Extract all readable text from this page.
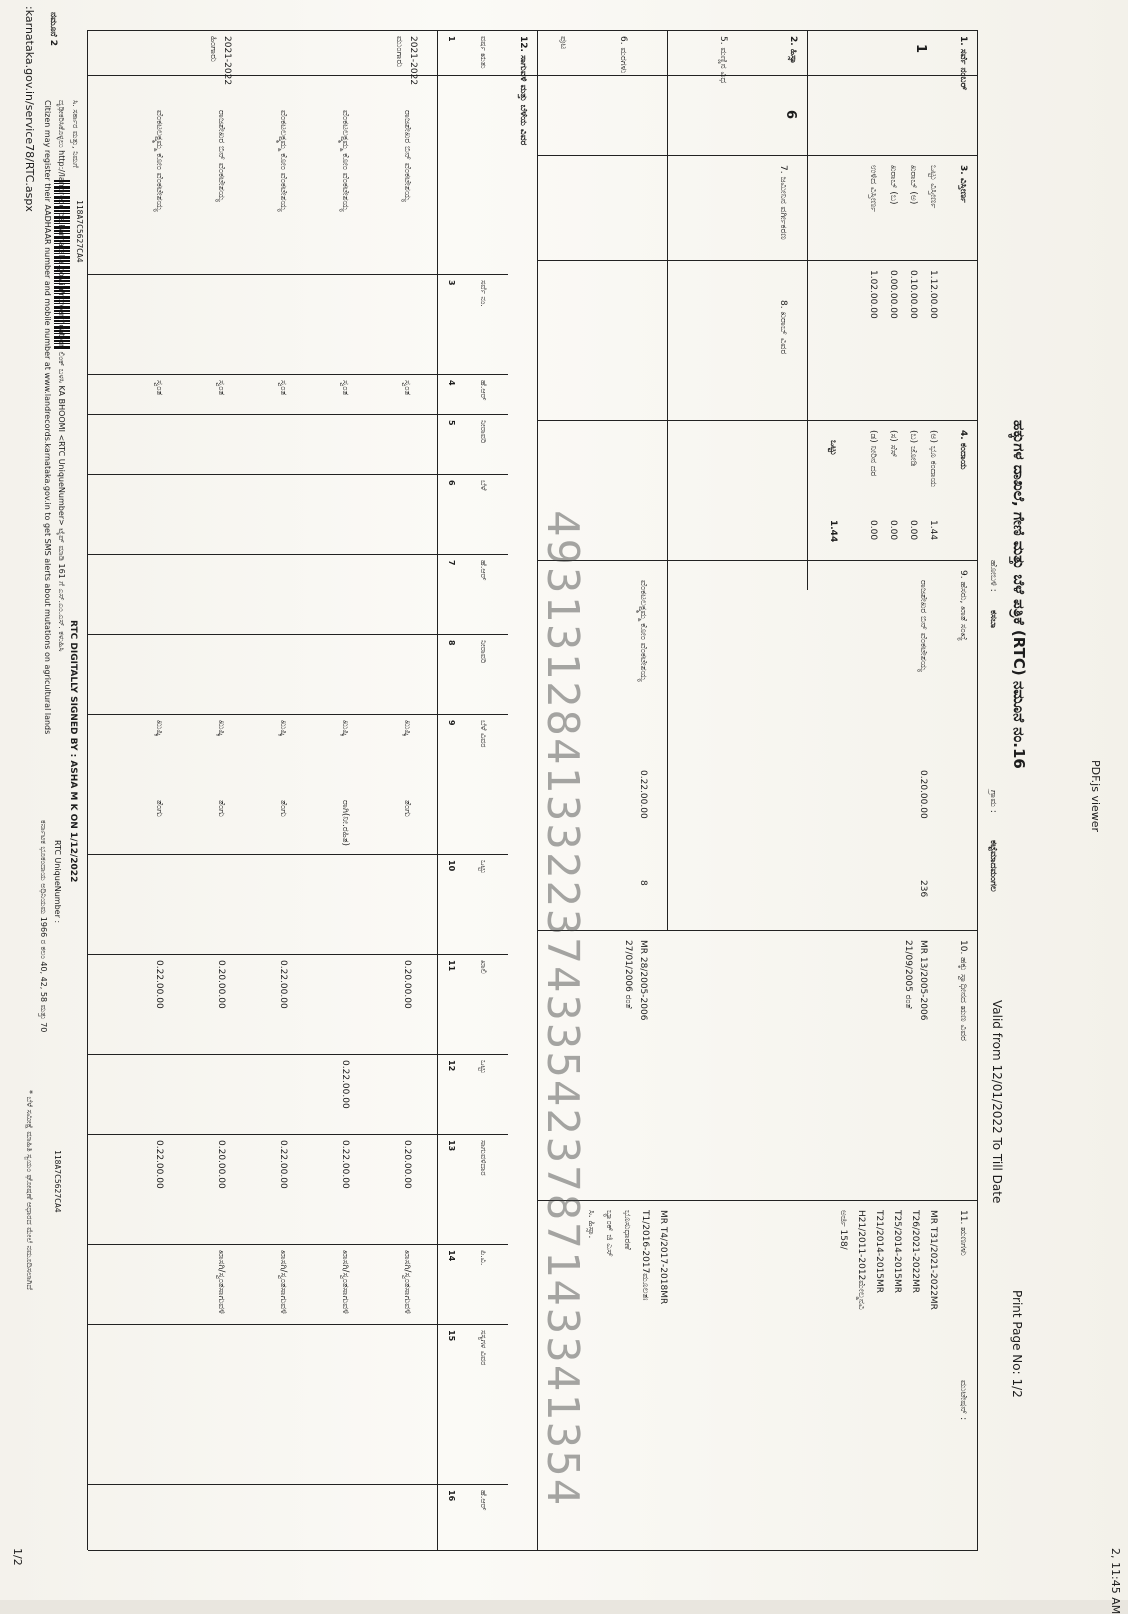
2, 11:45 AM
PDF.js viewer
1/2
:karnataka.gov.in/service78/RTC.aspx ನಮೂನೆ 2
118A7C5627CA4
ಹಕ್ಕುಗಳ ದಾಖಲೆ, ಗೇಣಿ ಮತ್ತು ಬೆಳೆ ಪತ್ರಿಕೆ (RTC) ನಮೂನೆ ನಂ.16
Print Page No: 1/2
Valid from 12/01/2022 To Till Date
ಹೋಬಳಿ :
ಕಸಬಾ
ಗ್ರಾಮ :
ಕಟ್ಟೆಮಾದಮಂಗಲ
1. ಸರ್ವೆ ನಂಬರ್
1
2. ಹಿಸ್ಸಾ
6
5. ಮಣ್ಣಿನ ವಿಧ
6. ಮರಗಳು
ಪುಟ
3. ವಿಸ್ತೀರ್ಣ
ಒಟ್ಟು ವಿಸ್ತೀರ್ಣ
1.12.00.00
ಖರಾಬ್ (ಅ)
0.10.00.00
ಖರಾಬ್ (ಬ)
0.00.00.00
ಉಳಿದ ವಿಸ್ತೀರ್ಣ
1.02.00.00
4. ಕಂದಾಯ
(ಅ) ಭೂ ಕಂದಾಯ
1.44
(ಬ) ಜೋಡಿ
0.00
(ಸ) ಸೆಸ್
0.00
(ಡ) ನೀರಿನ ದರ
0.00
ಒಟ್ಟು
1.44
7. ಜಮೀನಿನ ವರ್ಗೀಕರಣ
8. ಖರಾಬ್ ವಿವರ
9. ಹೆಸರು, ಖಾತೆ ಸಂಖ್ಯೆ
ರಾಜಶೇಖರ ಬಿನ್ ವೆಂಕಟೇಶಯ್ಯ
0.20.00.00
236
ವೆಂಕಟಲಕ್ಷ್ಮಮ್ಮ ಕೋಂ ವೆಂಕಟೇಶಯ್ಯ
0.22.00.00
8
10. ಹಕ್ಕು ಸ್ವಾಧೀನದ ಋಣ ವಿವರ
MR 13/2005-2006
21/09/2005 ರಂತೆ
MR 28/2005-2006
27/01/2006 ರಂತೆ
11. ಋಣಗಳು
ಮುಟೇಷನ್ :
MR T31/2021-2022MR
T26/2021-2022MR
T25/2014-2015MR
T21/2014-2015MR
H21/2011-2012ಮೇಲ್ಮನವಿ
ಅರ್ಜಿ 158/
MR T4/2017-2018MR
T1/2016-2017ಮೂಲತಃ
ಭೂಸುಧಾರಣೆ
ಬ್ಯಾಂಕ್ ಜಿ ಎಸ್
ಸಿ. ಹಿಸ್ಸಾ.
12. ಸಾಗುವಳಿ ಮತ್ತು ಬೆಳೆಯ ವಿವರ
ವರ್ಷ ಋತು
1
ಸರ್ವೆ ನಂ.
3
ಹೆ.ಆರ್
4
ನೀರಾವರಿ
5
ಬೆಳೆ
6
ಹೆ.ಆರ್
7
ನೀರಾವರಿ
8
ಬೆಳೆ ವಿವರ
9
ಒಟ್ಟು
10
ಖಾಲಿ
11
ಒಟ್ಟು
12
ಸಾಗುವಳಿದಾರ
13
ಪಿ.ವಿ.
14
ಸಸ್ಯಗಳ ವಿವರ
15
ಹೆ.ಆರ್
16
2021-2022
ಮುಂಗಾರು
ರಾಜಶೇಖರ ಬಿನ್ ವೆಂಕಟೇಶಯ್ಯ
ಸ್ವಂತ
ಖುಷ್ಕಿ
ತೆಂಗು
0.20.00.00
0.20.00.00
ಖಾಸಗಿ/ಸ್ವಂತಸಾಗುವಳಿ
ವೆಂಕಟಲಕ್ಷ್ಮಮ್ಮ ಕೋಂ ವೆಂಕಟೇಶಯ್ಯ
ಸ್ವಂತ
ಖುಷ್ಕಿ
ರಾಗಿ(ನೀ.ರಹಿತ)
0.22.00.00
0.22.00.00
ಖಾಸಗಿ/ಸ್ವಂತಸಾಗುವಳಿ
ವೆಂಕಟಲಕ್ಷ್ಮಮ್ಮ ಕೋಂ ವೆಂಕಟೇಶಯ್ಯ
ಸ್ವಂತ
ಖುಷ್ಕಿ
ತೆಂಗು
0.22.00.00
0.22.00.00
ಖಾಸಗಿ/ಸ್ವಂತಸಾಗುವಳಿ
2021-2022
ಹಿಂಗಾರು
ರಾಜಶೇಖರ ಬಿನ್ ವೆಂಕಟೇಶಯ್ಯ
ಸ್ವಂತ
ಖುಷ್ಕಿ
ತೆಂಗು
0.20.00.00
0.20.00.00
ಖಾಸಗಿ/ಸ್ವಂತಸಾಗುವಳಿ
ವೆಂಕಟಲಕ್ಷ್ಮಮ್ಮ ಕೋಂ ವೆಂಕಟೇಶಯ್ಯ
ಸ್ವಂತ
ಖುಷ್ಕಿ
ತೆಂಗು
0.22.00.00
0.22.00.00	49313128413322374335423787143341354
RTC DIGITALLY SIGNED BY : ASHA M K ON 1/12/2022
RTC UniqueNumber :
118A7C5627CA4
ಕರ್ನಾಟಕ ಭೂಕಂದಾಯ ಅಧಿನಿಯಮ 1966 ರ ಕಲಂ 40, 42, 58 ಮತ್ತು 70
ಸಿ. ಸರ್ಕಾರ ಮತ್ತು, ನಿಮಗೆ
ದೃಢೀಕರಿಸಿಕೊಳ್ಳಲು http://landrecords.karnataka.gov.in/rtcverification ಲಿಂಕ್ ಬಳಸಿ KA BHOOMI <RTC UniqueNumber> ಟೈಪ್ ಮಾಡಿ 161 ಗೆ ಎಸ್.ಎಂ.ಎಸ್. ಕಳುಹಿಸಿ
Citizen may register their AADHAAR number and mobile number at www.landrecords.karnataka.gov.in to get SMS alerts about mutations on agricultural lands
* ಬೆಳೆ ಸಮೀಕ್ಷೆ ಮಾಹಿತಿ ಸ್ವಯಂ ಘೋಷಣೆ ಆಧಾರದ ಮೇಲೆ ನಮೂದಿಸಲಾಗಿದೆ
